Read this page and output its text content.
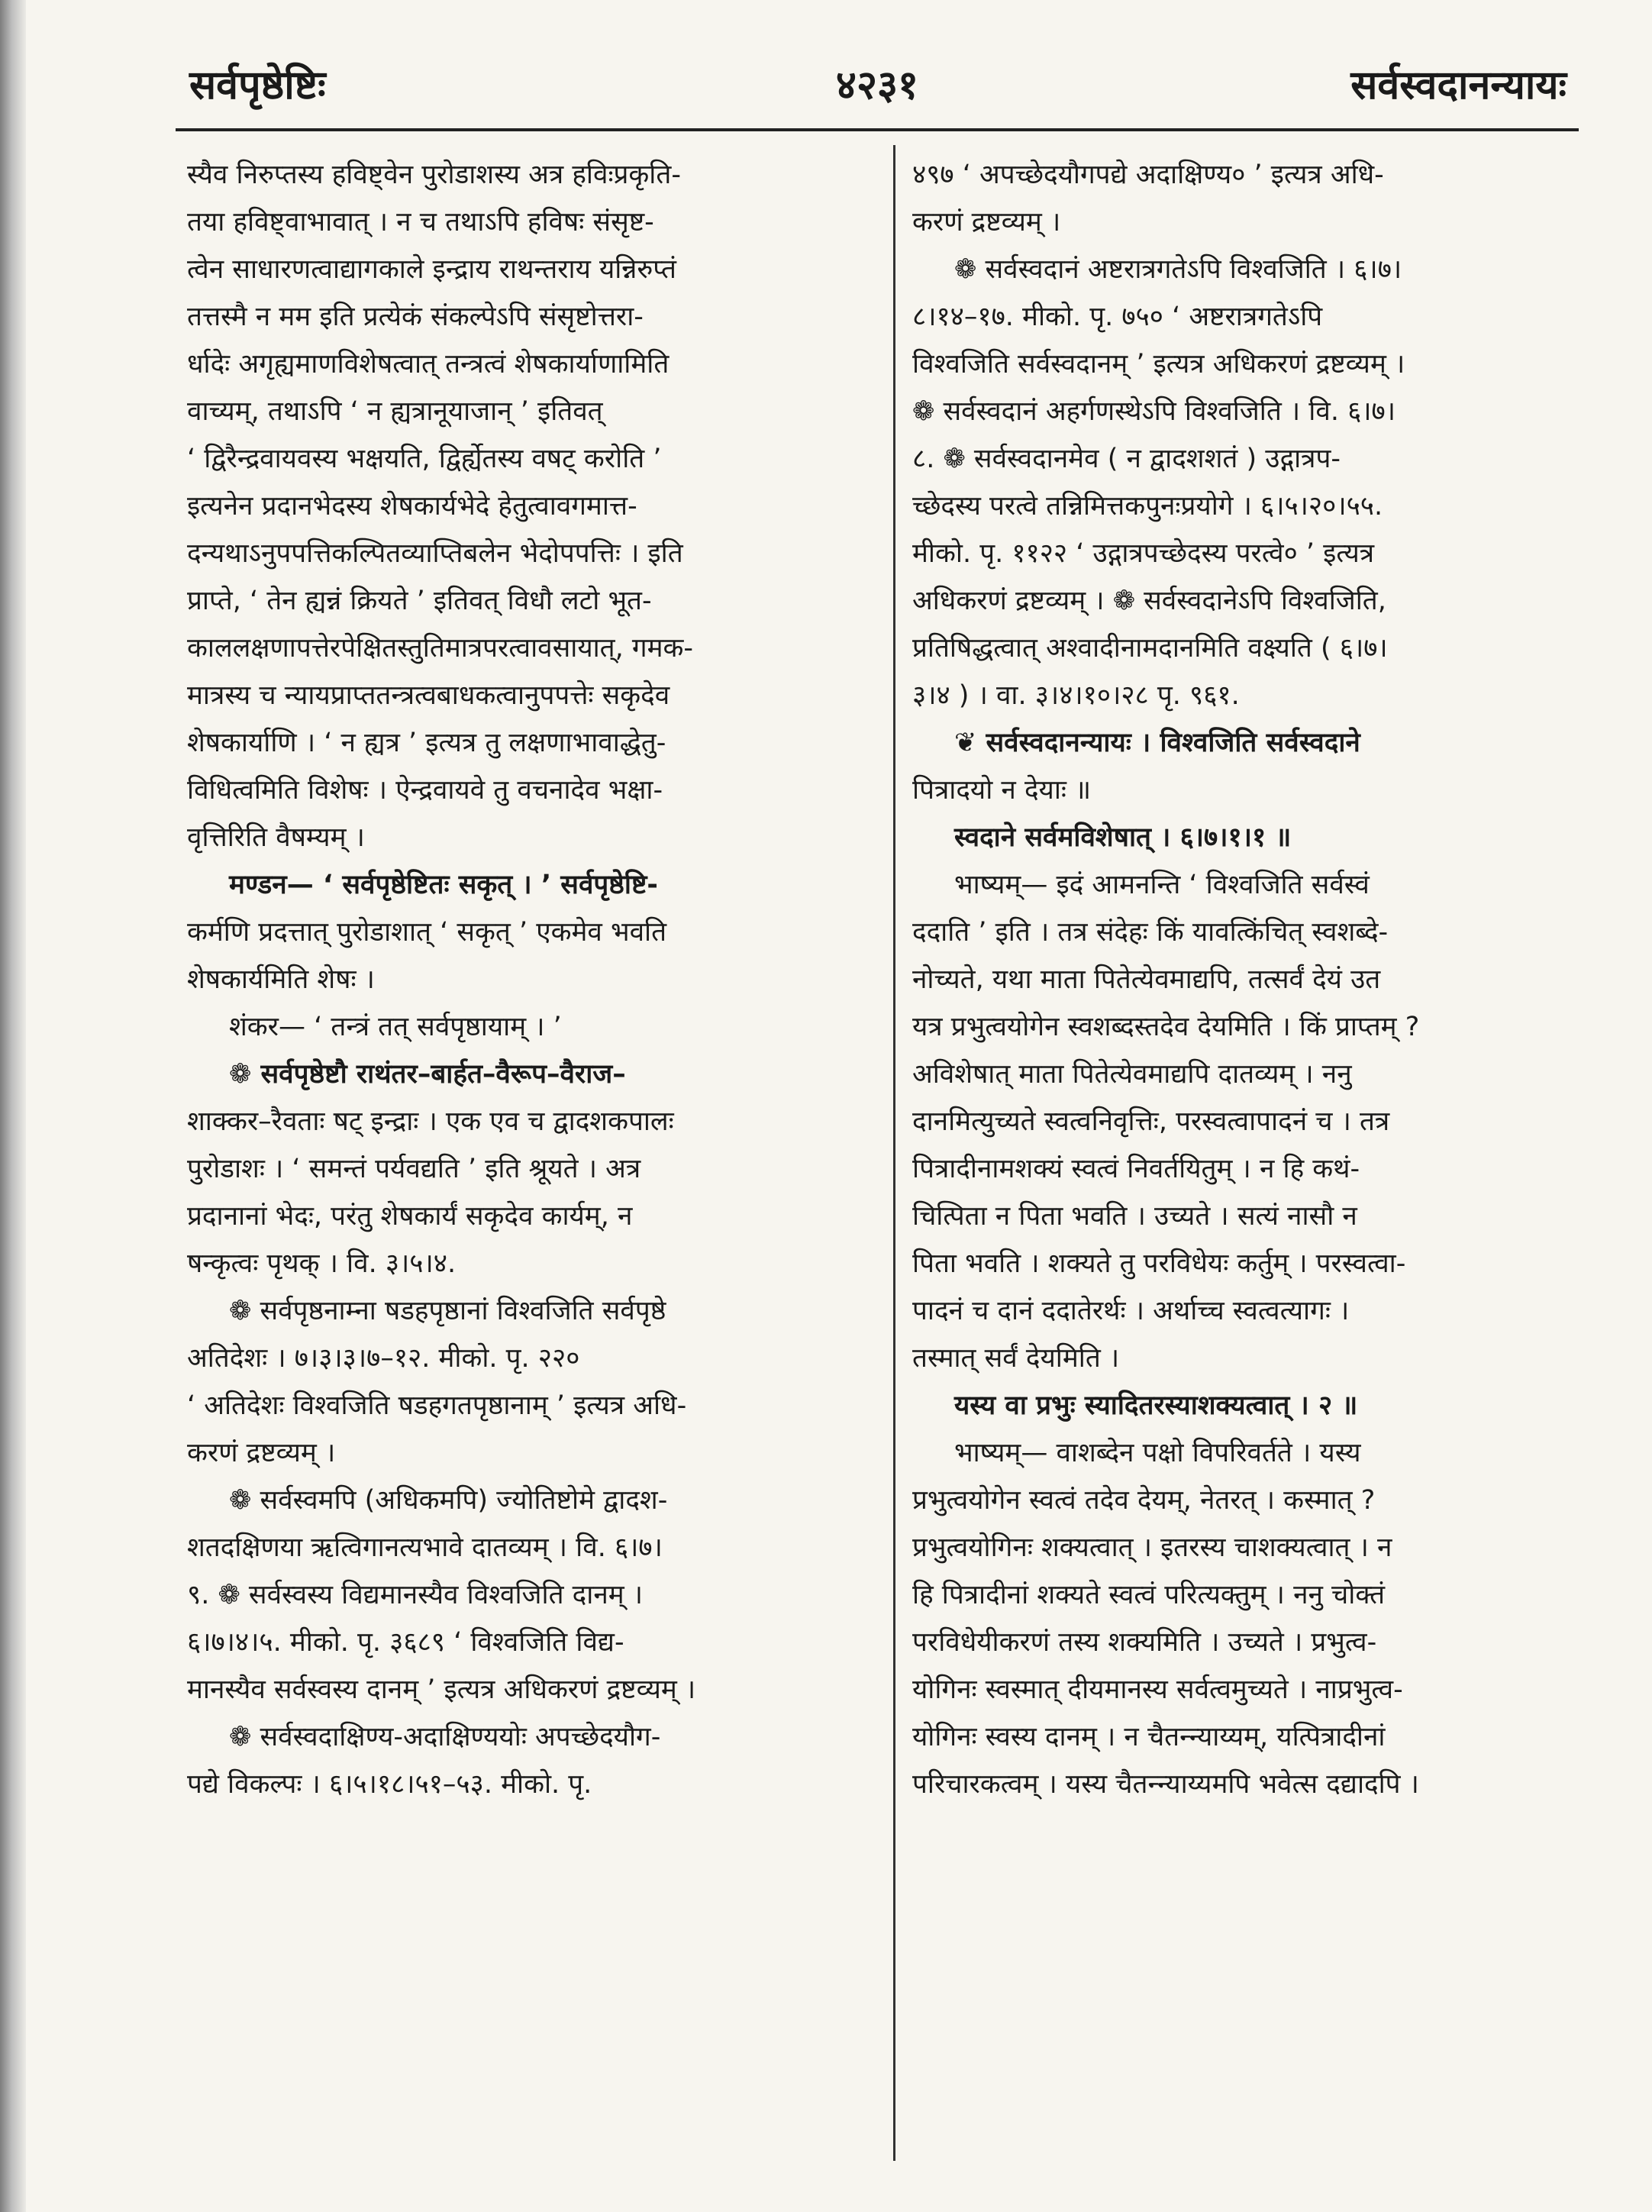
सर्वपृष्ठेष्टिः	४२३१	सर्वस्वदानन्यायः
स्यैव निरुप्तस्य हविष्ट्वेन पुरोडाशस्य अत्र हविःप्रकृति-
तया हविष्ट्वाभावात् । न च तथाऽपि हविषः संसृष्ट-
त्वेन साधारणत्वाद्यागकाले इन्द्राय राथन्तराय यन्निरुप्तं
तत्तस्मै न मम इति प्रत्येकं संकल्पेऽपि संसृष्टोत्तरा-
र्धादेः अगृह्यमाणविशेषत्वात् तन्त्रत्वं शेषकार्याणामिति
वाच्यम्, तथाऽपि ‘ न ह्यत्रानूयाजान् ’ इतिवत्
‘ द्विरैन्द्रवायवस्य भक्षयति, द्विर्ह्येतस्य वषट् करोति ’
इत्यनेन प्रदानभेदस्य शेषकार्यभेदे हेतुत्वावगमात्त-
दन्यथाऽनुपपत्तिकल्पितव्याप्तिबलेन भेदोपपत्तिः । इति
प्राप्ते, ‘ तेन ह्यन्नं क्रियते ’ इतिवत् विधौ लटो भूत-
काललक्षणापत्तेरपेक्षितस्तुतिमात्रपरत्वावसायात्, गमक-
मात्रस्य च न्यायप्राप्ततन्त्रत्वबाधकत्वानुपपत्तेः सकृदेव
शेषकार्याणि । ‘ न ह्यत्र ’ इत्यत्र तु लक्षणाभावाद्धेतु-
विधित्वमिति विशेषः । ऐन्द्रवायवे तु वचनादेव भक्षा-
वृत्तिरिति वैषम्यम् ।
मण्डन— ‘ सर्वपृष्ठेष्टितः सकृत् । ’ सर्वपृष्ठेष्टि-
कर्मणि प्रदत्तात् पुरोडाशात् ‘ सकृत् ’ एकमेव भवति
शेषकार्यमिति शेषः ।
शंकर— ‘ तन्त्रं तत् सर्वपृष्ठायाम् । ’
❁ सर्वपृष्ठेष्टौ राथंतर–बार्हत–वैरूप–वैराज–
शाक्कर–रैवताः षट् इन्द्राः । एक एव च द्वादशकपालः
पुरोडाशः । ‘ समन्तं पर्यवद्यति ’ इति श्रूयते । अत्र
प्रदानानां भेदः, परंतु शेषकार्यं सकृदेव कार्यम्, न
षन्कृत्वः पृथक् । वि. ३।५।४.
❁ सर्वपृष्ठनाम्ना षडहपृष्ठानां विश्वजिति सर्वपृष्ठे
अतिदेशः । ७।३।३।७–१२. मीको. पृ. २२०
‘ अतिदेशः विश्वजिति षडहगतपृष्ठानाम् ’ इत्यत्र अधि-
करणं द्रष्टव्यम् ।
❁ सर्वस्वमपि (अधिकमपि) ज्योतिष्टोमे द्वादश-
शतदक्षिणया ऋत्विगानत्यभावे दातव्यम् । वि. ६।७।
९. ❁ सर्वस्वस्य विद्यमानस्यैव विश्वजिति दानम् ।
६।७।४।५. मीको. पृ. ३६८९ ‘ विश्वजिति विद्य-
मानस्यैव सर्वस्वस्य दानम् ’ इत्यत्र अधिकरणं द्रष्टव्यम् ।
❁ सर्वस्वदाक्षिण्य-अदाक्षिण्ययोः अपच्छेदयौग-
पद्ये विकल्पः । ६।५।१८।५१–५३. मीको. पृ.
४९७ ‘ अपच्छेदयौगपद्ये अदाक्षिण्य० ’ इत्यत्र अधि-
करणं द्रष्टव्यम् ।
❁ सर्वस्वदानं अष्टरात्रगतेऽपि विश्वजिति । ६।७।
८।१४–१७. मीको. पृ. ७५० ‘ अष्टरात्रगतेऽपि
विश्वजिति सर्वस्वदानम् ’ इत्यत्र अधिकरणं द्रष्टव्यम् ।
❁ सर्वस्वदानं अहर्गणस्थेऽपि विश्वजिति । वि. ६।७।
८. ❁ सर्वस्वदानमेव ( न द्वादशशतं ) उद्गात्रप-
च्छेदस्य परत्वे तन्निमित्तकपुनःप्रयोगे । ६।५।२०।५५.
मीको. पृ. ११२२ ‘ उद्गात्रपच्छेदस्य परत्वे० ’ इत्यत्र
अधिकरणं द्रष्टव्यम् । ❁ सर्वस्वदानेऽपि विश्वजिति,
प्रतिषिद्धत्वात् अश्वादीनामदानमिति वक्ष्यति ( ६।७।
३।४ ) । वा. ३।४।१०।२८ पृ. ९६१.
❦ सर्वस्वदानन्यायः । विश्वजिति सर्वस्वदाने
पित्रादयो न देयाः ॥
स्वदाने सर्वमविशेषात् । ६।७।१।१ ॥
भाष्यम्— इदं आमनन्ति ‘ विश्वजिति सर्वस्वं
ददाति ’ इति । तत्र संदेहः किं यावत्किंचित् स्वशब्दे-
नोच्यते, यथा माता पितेत्येवमाद्यपि, तत्सर्वं देयं उत
यत्र प्रभुत्वयोगेन स्वशब्दस्तदेव देयमिति । किं प्राप्तम् ?
अविशेषात् माता पितेत्येवमाद्यपि दातव्यम् । ननु
दानमित्युच्यते स्वत्वनिवृत्तिः, परस्वत्वापादनं च । तत्र
पित्रादीनामशक्यं स्वत्वं निवर्तयितुम् । न हि कथं-
चित्पिता न पिता भवति । उच्यते । सत्यं नासौ न
पिता भवति । शक्यते तु परविधेयः कर्तुम् । परस्वत्वा-
पादनं च दानं ददातेरर्थः । अर्थाच्च स्वत्वत्यागः ।
तस्मात् सर्वं देयमिति ।
यस्य वा प्रभुः स्यादितरस्याशक्यत्वात् । २ ॥
भाष्यम्— वाशब्देन पक्षो विपरिवर्तते । यस्य
प्रभुत्वयोगेन स्वत्वं तदेव देयम्, नेतरत् । कस्मात् ?
प्रभुत्वयोगिनः शक्यत्वात् । इतरस्य चाशक्यत्वात् । न
हि पित्रादीनां शक्यते स्वत्वं परित्यक्तुम् । ननु चोक्तं
परविधेयीकरणं तस्य शक्यमिति । उच्यते । प्रभुत्व-
योगिनः स्वस्मात् दीयमानस्य सर्वत्वमुच्यते । नाप्रभुत्व-
योगिनः स्वस्य दानम् । न चैतन्न्याय्यम्, यत्पित्रादीनां
परिचारकत्वम् । यस्य चैतन्न्याय्यमपि भवेत्स दद्यादपि ।
